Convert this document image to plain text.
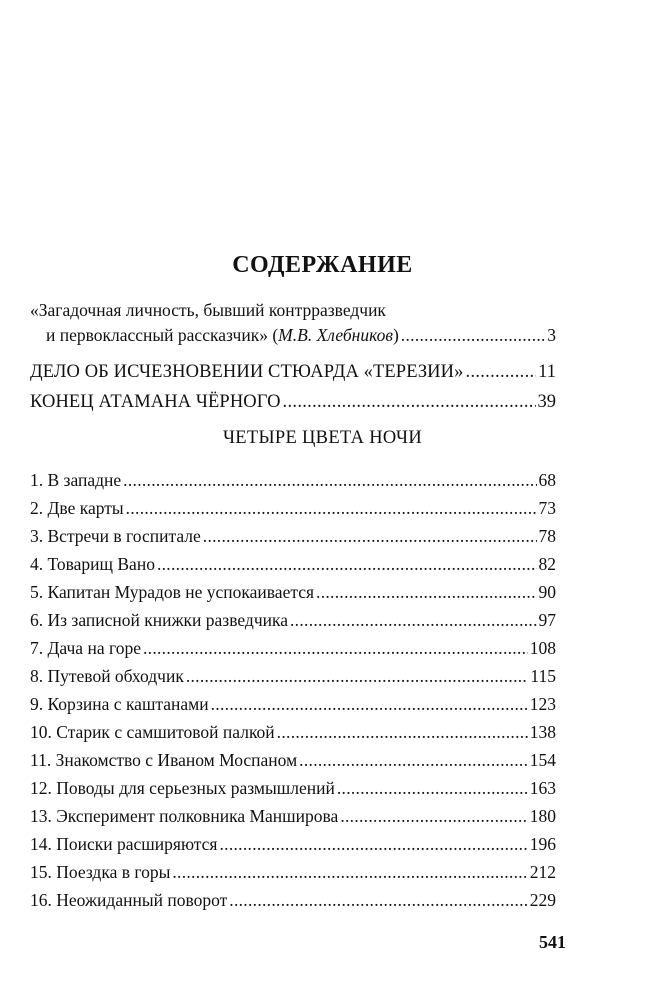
СОДЕРЖАНИЕ
«Загадочная личность, бывший контрразведчик
и первоклассный рассказчик» (М.В. Хлебников) .....	3
ДЕЛО ОБ ИСЧЕЗНОВЕНИИ СТЮАРДА «ТЕРЕЗИИ» .....	11
КОНЕЦ АТАМАНА ЧЁРНОГО .....	39
ЧЕТЫРЕ ЦВЕТА НОЧИ
1. В западне .....	68
2. Две карты .....	73
3. Встречи в госпитале .....	78
4. Товарищ Вано .....	82
5. Капитан Мурадов не успокаивается .....	90
6. Из записной книжки разведчика .....	97
7. Дача на горе .....	108
8. Путевой обходчик .....	115
9. Корзина с каштанами .....	123
10. Старик с самшитовой палкой .....	138
11. Знакомство с Иваном Моспаном .....	154
12. Поводы для серьезных размышлений .....	163
13. Эксперимент полковника Манширова .....	180
14. Поиски расширяются .....	196
15. Поездка в горы .....	212
16. Неожиданный поворот .....	229
541
